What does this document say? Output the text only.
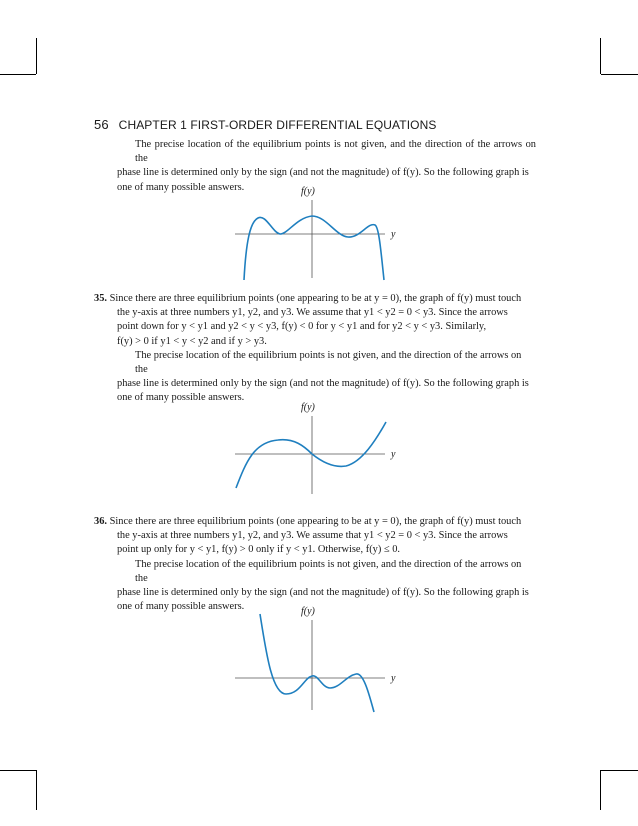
56 CHAPTER 1 FIRST-ORDER DIFFERENTIAL EQUATIONS
The precise location of the equilibrium points is not given, and the direction of the arrows on the
phase line is determined only by the sign (and not the magnitude) of f(y). So the following graph is
one of many possible answers.	f(y)
y
35. Since there are three equilibrium points (one appearing to be at y = 0), the graph of f(y) must touch
the y-axis at three numbers y1, y2, and y3. We assume that y1 < y2 = 0 < y3. Since the arrows
point down for y < y1 and y2 < y < y3, f(y) < 0 for y < y1 and for y2 < y < y3. Similarly,
f(y) > 0 if y1 < y < y2 and if y > y3.
The precise location of the equilibrium points is not given, and the direction of the arrows on the
phase line is determined only by the sign (and not the magnitude) of f(y). So the following graph is
one of many possible answers.
f(y)
y
36. Since there are three equilibrium points (one appearing to be at y = 0), the graph of f(y) must touch
the y-axis at three numbers y1, y2, and y3. We assume that y1 < y2 = 0 < y3. Since the arrows
point up only for y < y1, f(y) > 0 only if y < y1. Otherwise, f(y) ≤ 0.
The precise location of the equilibrium points is not given, and the direction of the arrows on the
phase line is determined only by the sign (and not the magnitude) of f(y). So the following graph is
one of many possible answers.	f(y)
y
